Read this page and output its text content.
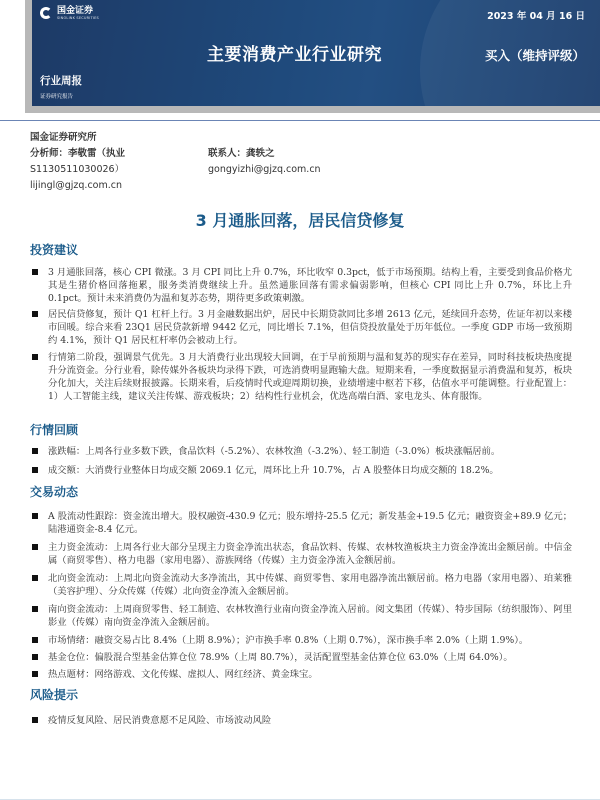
国金证券
SINOLINK SECURITIES	2023 年 04 月 16 日
主要消费产业行业研究	买入（维持评级）
行业周报
证券研究报告
国金证券研究所
分析师：李敬雷（执业
S1130511030026）
lijingl@gjzq.com.cn
联系人：龚轶之
gongyizhi@gjzq.com.cn
3 月通胀回落，居民信贷修复
投资建议
3 月通胀回落，核心 CPI 微涨。3 月 CPI 同比上升 0.7%，环比收窄 0.3pct，低于市场预期。结构上看，主要受到食品价格尤其是生猪价格回落拖累，服务类消费继续上升。虽然通胀回落有需求偏弱影响，但核心 CPI 同比上升 0.7%，环比上升 0.1pct。预计未来消费仍为温和复苏态势，期待更多政策刺激。
居民信贷修复，预计 Q1 杠杆上行。3 月金融数据出炉，居民中长期贷款同比多增 2613 亿元，延续回升态势，佐证年初以来楼市回暖。综合来看 23Q1 居民贷款新增 9442 亿元，同比增长 7.1%，但信贷投放量处于历年低位。一季度 GDP 市场一致预期约 4.1%，预计 Q1 居民杠杆率仍会被动上行。
行情第二阶段，强调景气优先。3 月大消费行业出现较大回调，在于早前预期与温和复苏的现实存在差异，同时科技板块热度提升分流资金。分行业看，除传媒外各板块均录得下跌，可选消费明显跑输大盘。短期来看，一季度数据显示消费温和复苏，板块分化加大，关注后续财报披露。长期来看，后疫情时代或迎周期切换，业绩增速中枢若下移，估值水平可能调整。行业配置上：1）人工智能主线，建议关注传媒、游戏板块；2）结构性行业机会，优选高端白酒、家电龙头、体育服饰。
行情回顾
涨跌幅：上周各行业多数下跌，食品饮料（-5.2%）、农林牧渔（-3.2%）、轻工制造（-3.0%）板块涨幅居前。
成交额：大消费行业整体日均成交额 2069.1 亿元，周环比上升 10.7%，占 A 股整体日均成交额的 18.2%。
交易动态
A 股流动性跟踪：资金流出增大。股权融资-430.9 亿元；股东增持-25.5 亿元；新发基金+19.5 亿元；融资资金+89.9 亿元；陆港通资金-8.4 亿元。
主力资金流动：上周各行业大部分呈现主力资金净流出状态，食品饮料、传媒、农林牧渔板块主力资金净流出金额居前。中信金属（商贸零售）、格力电器（家用电器）、游族网络（传媒）主力资金净流入金额居前。
北向资金流动：上周北向资金流动大多净流出，其中传媒、商贸零售、家用电器净流出额居前。格力电器（家用电器）、珀莱雅（美容护理）、分众传媒（传媒）北向资金净流入金额居前。
南向资金流动：上周商贸零售、轻工制造、农林牧渔行业南向资金净流入居前。阅文集团（传媒）、特步国际（纺织服饰）、阿里影业（传媒）南向资金净流入金额居前。
市场情绪：融资交易占比 8.4%（上期 8.9%）；沪市换手率 0.8%（上期 0.7%），深市换手率 2.0%（上期 1.9%）。
基金仓位：偏股混合型基金估算仓位 78.9%（上周 80.7%），灵活配置型基金估算仓位 63.0%（上周 64.0%）。
热点题材：网络游戏、文化传媒、虚拟人、网红经济、黄金珠宝。
风险提示
疫情反复风险、居民消费意愿不足风险、市场波动风险
